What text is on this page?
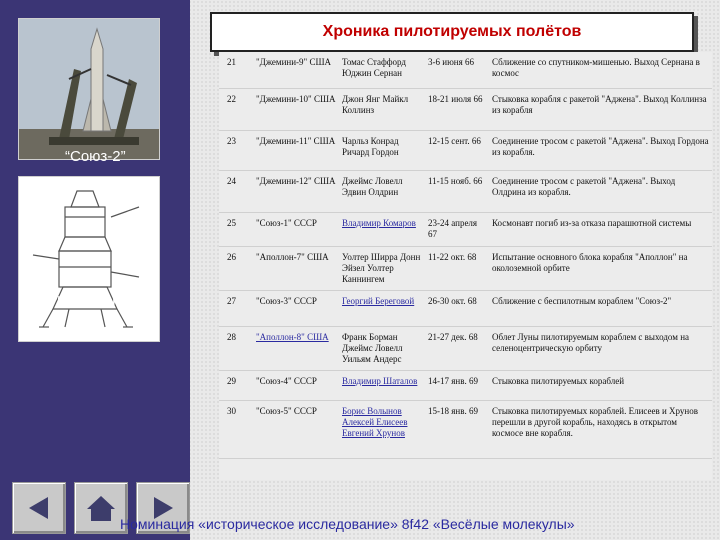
“Союз-2”
“Аполлон”
Хроника пилотируемых полётов
21	"Джемини-9" США	Томас Стаффорд Юджин Сернан	3-6 июня 66	Сближение со спутником-мишенью. Выход Сернана в космос
22	"Джемини-10" США	Джон Янг Майкл Коллинз	18-21 июля 66	Стыковка корабля с ракетой "Аджена". Выход Коллинза из корабля
23	"Джемини-11" США	Чарльз Конрад Ричард Гордон	12-15 сент. 66	Соединение тросом с ракетой "Аджена". Выход Гордона из корабля.
24	"Джемини-12" США	Джеймс Ловелл Эдвин Олдрин	11-15 нояб. 66	Соединение тросом с ракетой "Аджена". Выход Олдрина из корабля.
25	"Союз-1" СССР	Владимир Комаров	23-24 апреля 67	Космонавт погиб из-за отказа парашютной системы
26	"Аполлон-7" США	Уолтер Ширра Донн Эйзел Уолтер Каннингем	11-22 окт. 68	Испытание основного блока корабля "Аполлон" на околоземной орбите
27	"Союз-3" СССР	Георгий Береговой	26-30 окт. 68	Сближение с беспилотным кораблем "Союз-2"
28	"Аполлон-8" США	Франк Борман Джеймс Ловелл Уильям Андерс	21-27 дек. 68	Облет Луны пилотируемым кораблем с выходом на селеноцентрическую орбиту
29	"Союз-4" СССР	Владимир Шаталов	14-17 янв. 69	Стыковка пилотируемых кораблей
30	"Союз-5" СССР	Борис Волынов Алексей Елисеев Евгений Хрунов	15-18 янв. 69	Стыковка пилотируемых кораблей. Елисеев и Хрунов перешли в другой корабль, находясь в открытом космосе вне корабля.
Номинация «историческое исследование» 8f42 «Весёлые молекулы»
